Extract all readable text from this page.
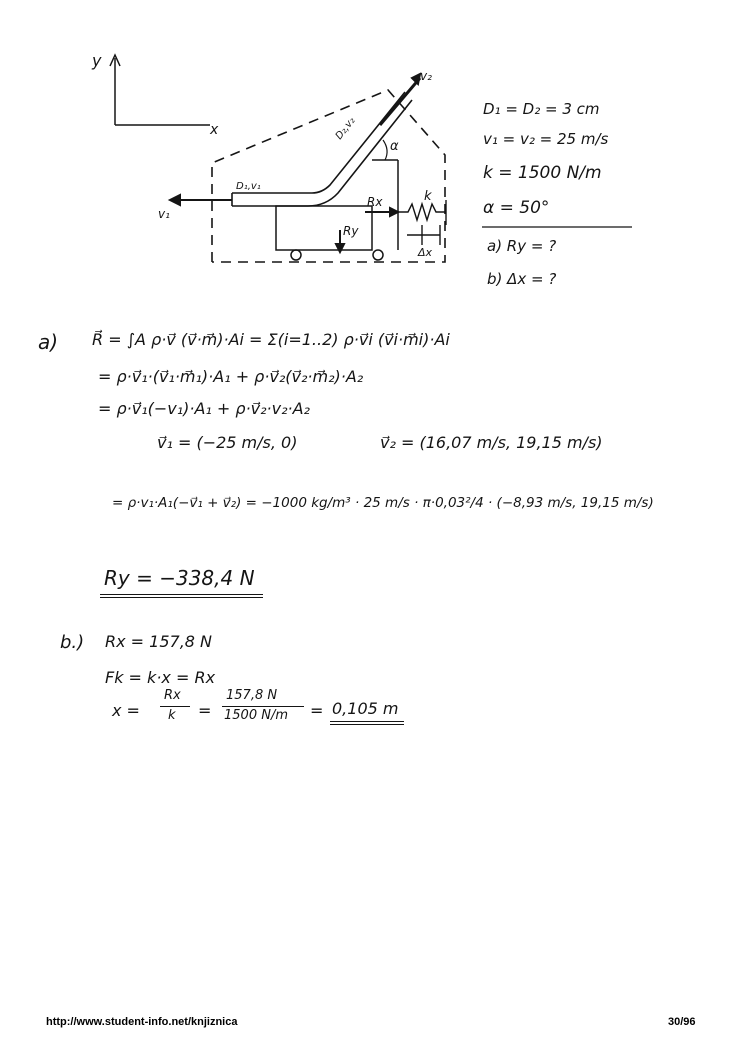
y
x
v₂
v₁
D₂,v₂
D₁,v₁
α
k
Rx
Ry
Δx
D₁ = D₂ = 3 cm
v₁ = v₂ = 25 m/s
k = 1500 N/m
α = 50°
a) Ry = ?
b) Δx = ?
a) R⃗ = ∫A ρ·v⃗ (v⃗·m⃗)·Ai = Σ(i=1..2) ρ·v⃗i (v⃗i·m⃗i)·Ai
= ρ·v⃗₁·(v⃗₁·m⃗₁)·A₁ + ρ·v⃗₂(v⃗₂·m⃗₂)·A₂
= ρ·v⃗₁(−v₁)·A₁ + ρ·v⃗₂·v₂·A₂
v⃗₁ = (−25 m/s, 0)	v⃗₂ = (16,07 m/s, 19,15 m/s)
= ρ·v₁·A₁(−v⃗₁ + v⃗₂) = −1000 kg/m³ · 25 m/s · π·0,03²/4 · (−8,93 m/s, 19,15 m/s)
Ry = −338,4 N
b.) Rx = 157,8 N
Fk = k·x = Rx
x =
Rx
k =
157,8 N
1500 N/m = 0,105 m
http://www.student-info.net/knjiznica	30/96
